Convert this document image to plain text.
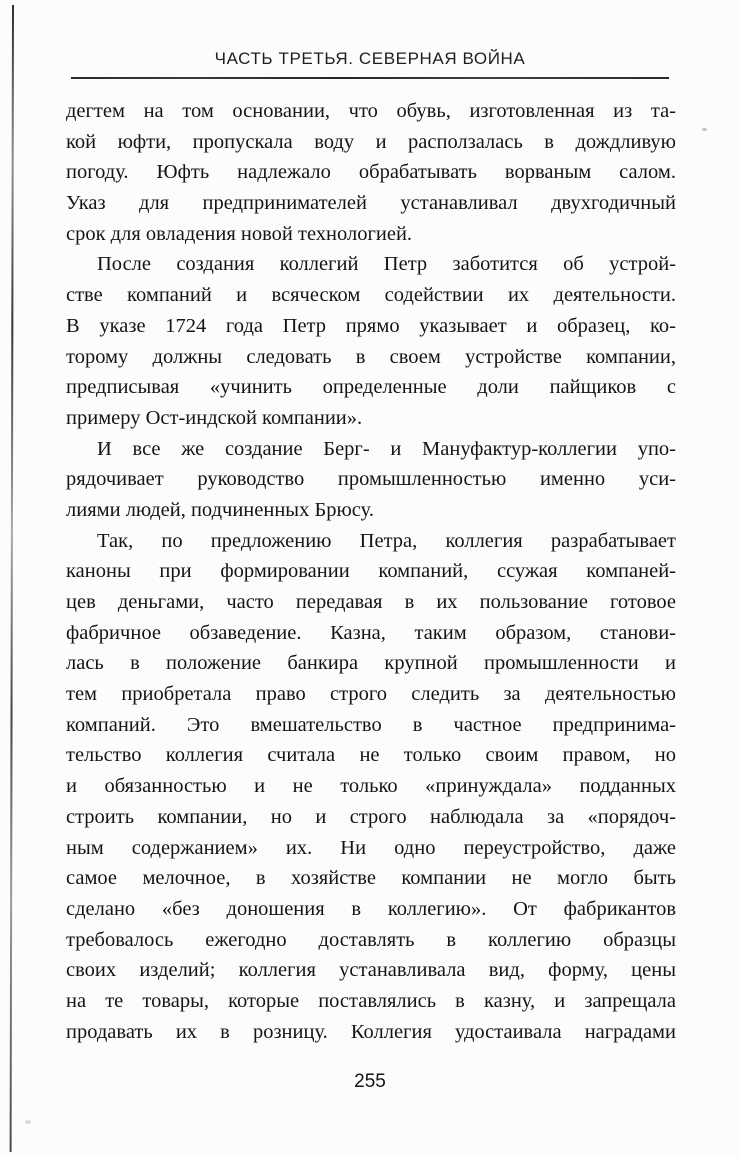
ЧАСТЬ ТРЕТЬЯ. СЕВЕРНАЯ ВОЙНА
дегтем на том основании, что обувь, изготовленная из та-
кой юфти, пропускала воду и расползалась в дождливую
погоду. Юфть надлежало обрабатывать ворваным салом.
Указ для предпринимателей устанавливал двухгодичный
срок для овладения новой технологией.
После создания коллегий Петр заботится об устрой-
стве компаний и всяческом содействии их деятельности.
В указе 1724 года Петр прямо указывает и образец, ко-
торому должны следовать в своем устройстве компании,
предписывая «учинить определенные доли пайщиков с
примеру Ост-индской компании».
И все же создание Берг- и Мануфактур-коллегии упо-
рядочивает руководство промышленностью именно уси-
лиями людей, подчиненных Брюсу.
Так, по предложению Петра, коллегия разрабатывает
каноны при формировании компаний, ссужая компаней-
цев деньгами, часто передавая в их пользование готовое
фабричное обзаведение. Казна, таким образом, станови-
лась в положение банкира крупной промышленности и
тем приобретала право строго следить за деятельностью
компаний. Это вмешательство в частное предпринима-
тельство коллегия считала не только своим правом, но
и обязанностью и не только «принуждала» подданных
строить компании, но и строго наблюдала за «порядоч-
ным содержанием» их. Ни одно переустройство, даже
самое мелочное, в хозяйстве компании не могло быть
сделано «без доношения в коллегию». От фабрикантов
требовалось ежегодно доставлять в коллегию образцы
своих изделий; коллегия устанавливала вид, форму, цены
на те товары, которые поставлялись в казну, и запрещала
продавать их в розницу. Коллегия удостаивала наградами
255
